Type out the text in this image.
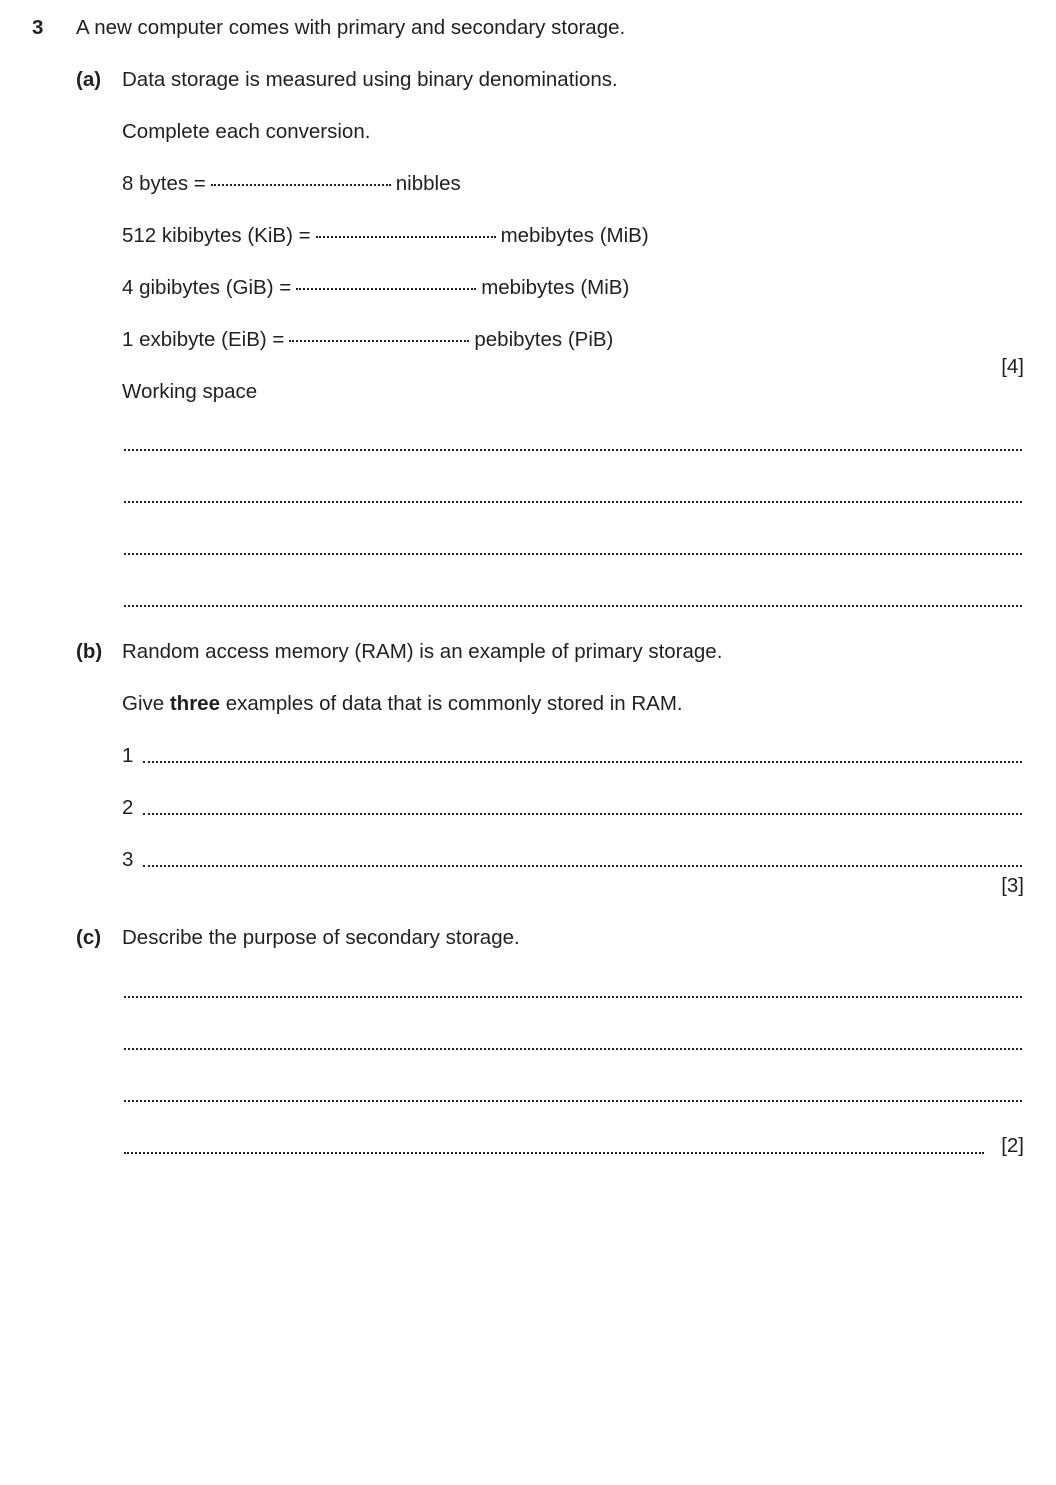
3 A new computer comes with primary and secondary storage.
(a) Data storage is measured using binary denominations.
Complete each conversion.
8 bytes =	nibbles
512 kibibytes (KiB) =	mebibytes (MiB)
4 gibibytes (GiB) =	mebibytes (MiB)
1 exbibyte (EiB) =	pebibytes (PiB)
[4]
Working space
(b) Random access memory (RAM) is an example of primary storage.
Give three examples of data that is commonly stored in RAM.
1
2
3
[3]
(c) Describe the purpose of secondary storage.
[2]
